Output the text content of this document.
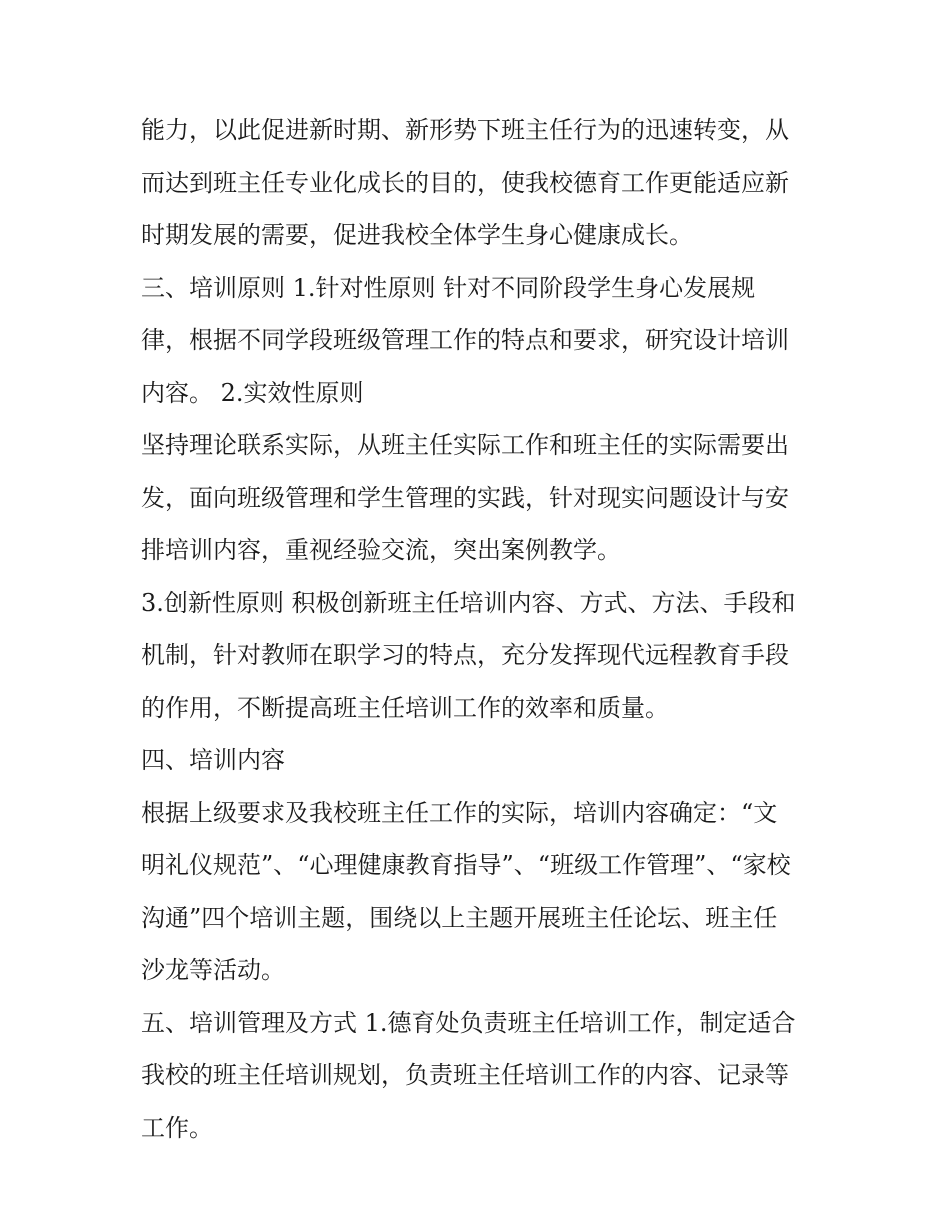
能力，以此促进新时期、新形势下班主任行为的迅速转变，从
而达到班主任专业化成长的目的，使我校德育工作更能适应新
时期发展的需要，促进我校全体学生身心健康成长。
三、培训原则 1.针对性原则 针对不同阶段学生身心发展规
律，根据不同学段班级管理工作的特点和要求，研究设计培训
内容。 2.实效性原则
坚持理论联系实际，从班主任实际工作和班主任的实际需要出
发，面向班级管理和学生管理的实践，针对现实问题设计与安
排培训内容，重视经验交流，突出案例教学。
3.创新性原则 积极创新班主任培训内容、方式、方法、手段和
机制，针对教师在职学习的特点，充分发挥现代远程教育手段
的作用，不断提高班主任培训工作的效率和质量。
四、培训内容
根据上级要求及我校班主任工作的实际，培训内容确定：“文
明礼仪规范”、“心理健康教育指导”、“班级工作管理”、“家校
沟通”四个培训主题，围绕以上主题开展班主任论坛、班主任
沙龙等活动。
五、培训管理及方式 1.德育处负责班主任培训工作，制定适合
我校的班主任培训规划，负责班主任培训工作的内容、记录等
工作。
